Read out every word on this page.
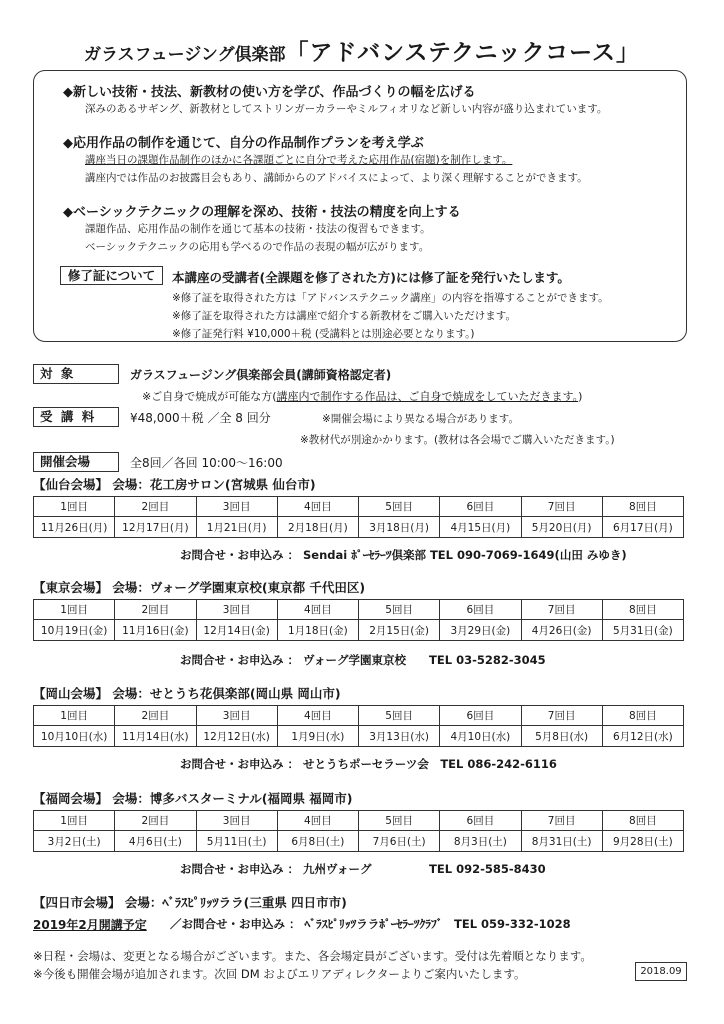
ガラスフュージング倶楽部「アドバンステクニックコース」
◆新しい技術・技法、新教材の使い方を学び、作品づくりの幅を広げる
深みのあるサギング、新教材としてストリンガーカラーやミルフィオリなど新しい内容が盛り込まれています。
◆応用作品の制作を通じて、自分の作品制作プランを考え学ぶ
講座当日の課題作品制作のほかに各課題ごとに自分で考えた応用作品(宿題)を制作します。
講座内では作品のお披露目会もあり、講師からのアドバイスによって、より深く理解することができます。
◆ベーシックテクニックの理解を深め、技術・技法の精度を向上する
課題作品、応用作品の制作を通じて基本の技術・技法の復習もできます。
ベーシックテクニックの応用も学べるので作品の表現の幅が広がります。
修了証について	本講座の受講者(全課題を修了された方)には修了証を発行いたします。
※修了証を取得された方は「アドバンステクニック講座」の内容を指導することができます。
※修了証を取得された方は講座で紹介する新教材をご購入いただけます。
※修了証発行料 ¥10,000＋税 (受講料とは別途必要となります。)
対 象	ガラスフュージング倶楽部会員(講師資格認定者)
※ご自身で焼成が可能な方(講座内で制作する作品は、ご自身で焼成をしていただきます。)
受 講 料	¥48,000＋税 ／全 8 回分	※開催会場により異なる場合があります。
※教材代が別途かかります。(教材は各会場でご購入いただきます。)
開催会場	全8回／各回 10:00～16:00
【仙台会場】 会場：花工房サロン(宮城県 仙台市)
1回目	2回目	3回目	4回目	5回目	6回目	7回目	8回目
11月26日(月)	12月17日(月)	1月21日(月)	2月18日(月)	3月18日(月)	4月15日(月)	5月20日(月)	6月17日(月)
お問合せ・お申込み ： Sendai ﾎﾟｰｾﾗｰﾂ倶楽部 TEL 090-7069-1649(山田 みゆき)
【東京会場】 会場：ヴォーグ学園東京校(東京都 千代田区)
1回目	2回目	3回目	4回目	5回目	6回目	7回目	8回目
10月19日(金)	11月16日(金)	12月14日(金)	1月18日(金)	2月15日(金)	3月29日(金)	4月26日(金)	5月31日(金)
お問合せ・お申込み ： ヴォーグ学園東京校　　TEL 03-5282-3045
【岡山会場】 会場：せとうち花倶楽部(岡山県 岡山市)
1回目	2回目	3回目	4回目	5回目	6回目	7回目	8回目
10月10日(水)	11月14日(水)	12月12日(水)	1月9日(水)	3月13日(水)	4月10日(水)	5月8日(水)	6月12日(水)
お問合せ・お申込み ： せとうちポーセラーツ会　TEL 086-242-6116
【福岡会場】 会場：博多バスターミナル(福岡県 福岡市)
1回目	2回目	3回目	4回目	5回目	6回目	7回目	8回目
3月2日(土)	4月6日(土)	5月11日(土)	6月8日(土)	7月6日(土)	8月3日(土)	8月31日(土)	9月28日(土)
お問合せ・お申込み ： 九州ヴォーグ　　　　　TEL 092-585-8430
【四日市会場】 会場：ﾍﾞﾗｽﾋﾟﾘｯﾂララ(三重県 四日市市)
2019年2月開講予定 ／お問合せ・お申込み ： ﾍﾞﾗｽﾋﾟﾘｯﾂララﾎﾟｰｾﾗｰﾂｸﾗﾌﾞ　TEL 059-332-1028
※日程・会場は、変更となる場合がございます。また、各会場定員がございます。受付は先着順となります。
※今後も開催会場が追加されます。次回 DM およびエリアディレクターよりご案内いたします。	2018.09
